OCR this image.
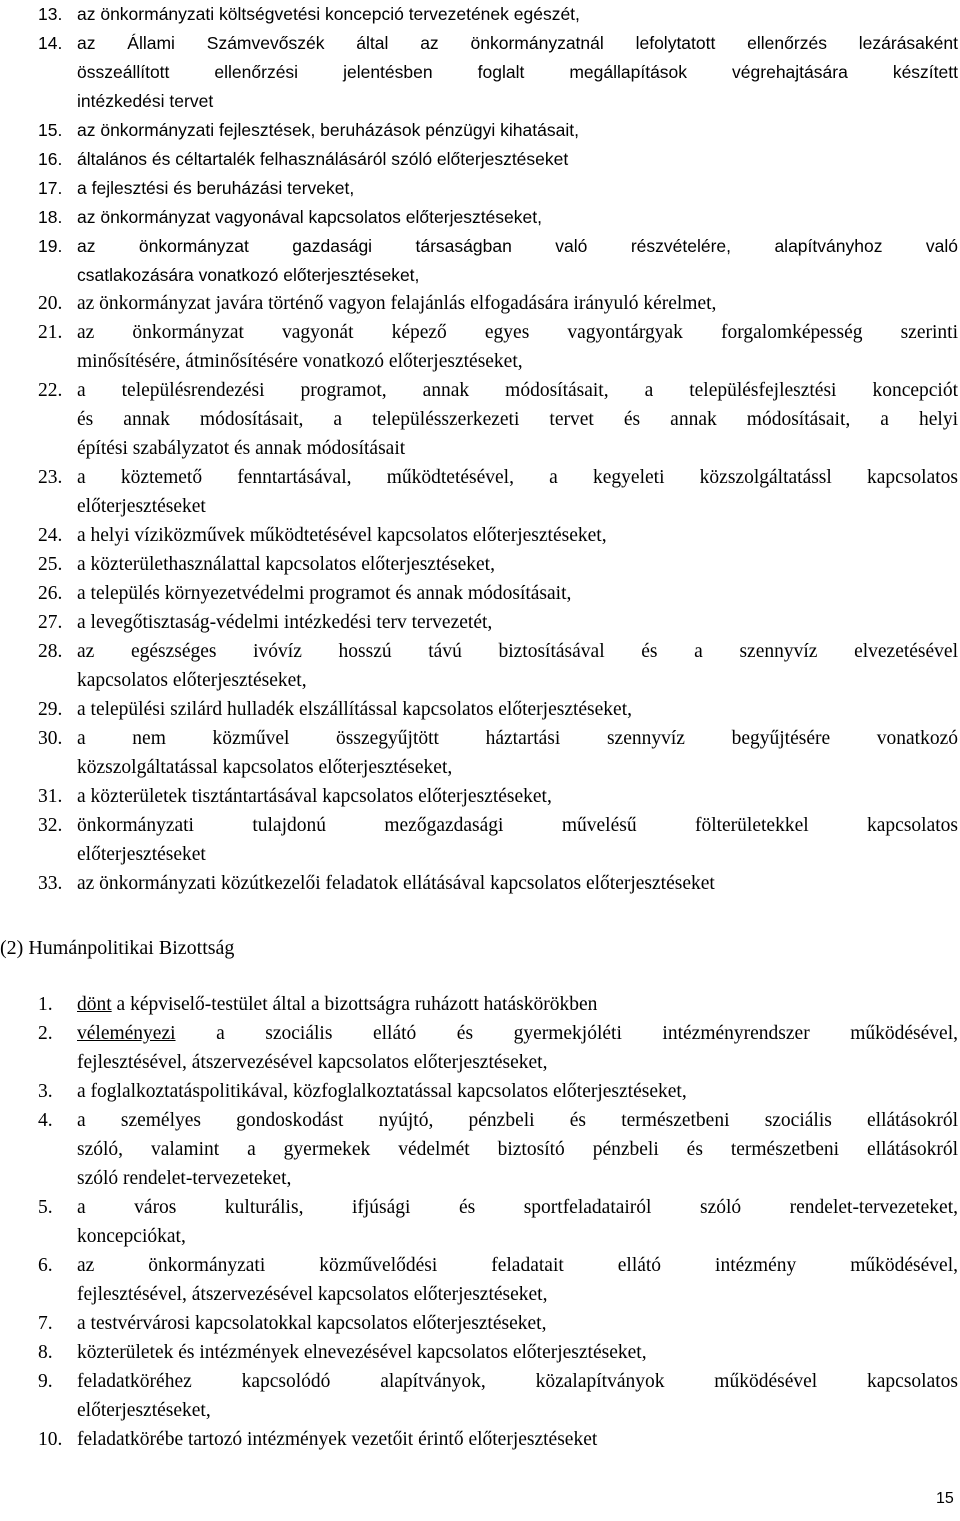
13. az önkormányzati költségvetési koncepció tervezetének egészét,
14. az Állami Számvevőszék által az önkormányzatnál lefolytatott ellenőrzés lezárásaként
összeállított ellenőrzési jelentésben foglalt megállapítások végrehajtására készített
intézkedési tervet
15. az önkormányzati fejlesztések, beruházások pénzügyi kihatásait,
16. általános és céltartalék felhasználásáról szóló előterjesztéseket
17. a fejlesztési és beruházási terveket,
18. az önkormányzat vagyonával kapcsolatos előterjesztéseket,
19. az önkormányzat gazdasági társaságban való részvételére, alapítványhoz való
csatlakozására vonatkozó előterjesztéseket,
20. az önkormányzat javára történő vagyon felajánlás elfogadására irányuló kérelmet,
21. az önkormányzat vagyonát képező egyes vagyontárgyak forgalomképesség szerinti
minősítésére, átminősítésére vonatkozó előterjesztéseket,
22. a településrendezési programot, annak módosításait, a településfejlesztési koncepciót
és annak módosításait, a településszerkezeti tervet és annak módosításait, a helyi
építési szabályzatot és annak módosításait
23. a köztemető fenntartásával, működtetésével, a kegyeleti közszolgáltatássl kapcsolatos
előterjesztéseket
24. a helyi víziközművek működtetésével kapcsolatos előterjesztéseket,
25. a közterülethasználattal kapcsolatos előterjesztéseket,
26. a település környezetvédelmi programot és annak módosításait,
27. a levegőtisztaság-védelmi intézkedési terv tervezetét,
28. az egészséges ivóvíz hosszú távú biztosításával és a szennyvíz elvezetésével
kapcsolatos előterjesztéseket,
29. a települési szilárd hulladék elszállítással kapcsolatos előterjesztéseket,
30. a nem közművel összegyűjtött háztartási szennyvíz begyűjtésére vonatkozó
közszolgáltatással kapcsolatos előterjesztéseket,
31. a közterületek tisztántartásával kapcsolatos előterjesztéseket,
32. önkormányzati tulajdonú mezőgazdasági művelésű fölterületekkel kapcsolatos
előterjesztéseket
33. az önkormányzati közútkezelői feladatok ellátásával kapcsolatos előterjesztéseket
(2) Humánpolitikai Bizottság
1. dönt a képviselő-testület által a bizottságra ruházott hatáskörökben
2. véleményezi a szociális ellátó és gyermekjóléti intézményrendszer működésével,
fejlesztésével, átszervezésével kapcsolatos előterjesztéseket,
3. a foglalkoztatáspolitikával, közfoglalkoztatással kapcsolatos előterjesztéseket,
4. a személyes gondoskodást nyújtó, pénzbeli és természetbeni szociális ellátásokról
szóló, valamint a gyermekek védelmét biztosító pénzbeli és természetbeni ellátásokról
szóló rendelet-tervezeteket,
5. a város kulturális, ifjúsági és sportfeladatairól szóló rendelet-tervezeteket,
koncepciókat,
6. az önkormányzati közművelődési feladatait ellátó intézmény működésével,
fejlesztésével, átszervezésével kapcsolatos előterjesztéseket,
7. a testvérvárosi kapcsolatokkal kapcsolatos előterjesztéseket,
8. közterületek és intézmények elnevezésével kapcsolatos előterjesztéseket,
9. feladatköréhez kapcsolódó alapítványok, közalapítványok működésével kapcsolatos
előterjesztéseket,
10. feladatkörébe tartozó intézmények vezetőit érintő előterjesztéseket
15
